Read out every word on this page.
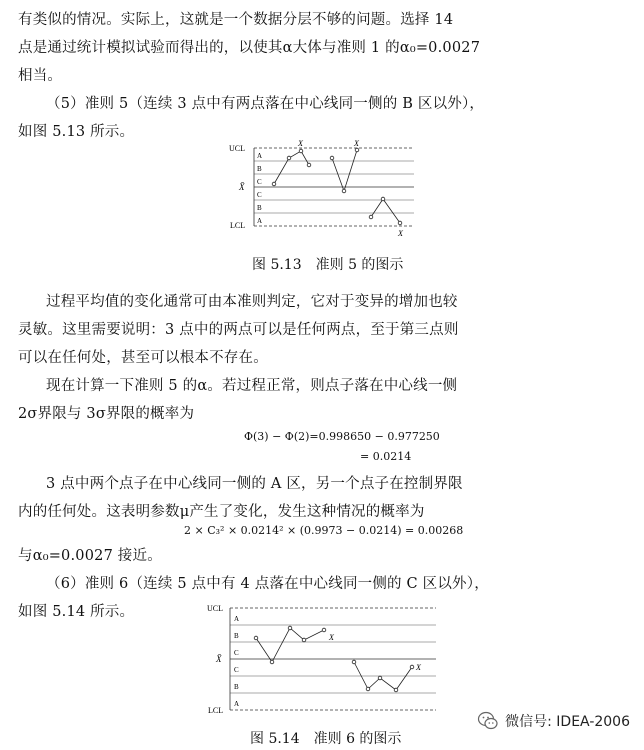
有类似的情况。实际上，这就是一个数据分层不够的问题。选择 14
点是通过统计模拟试验而得出的，以使其α大体与准则 1 的α₀=0.0027
相当。
（5）准则 5（连续 3 点中有两点落在中心线同一侧的 B 区以外），
如图 5.13 所示。
UCL
LCL
X̄
A
B
C
C
B
A
X	X
X
图 5.13　准则 5 的图示
过程平均值的变化通常可由本准则判定，它对于变异的增加也较
灵敏。这里需要说明：3 点中的两点可以是任何两点，至于第三点则
可以在任何处，甚至可以根本不存在。
现在计算一下准则 5 的α。若过程正常，则点子落在中心线一侧
2σ界限与 3σ界限的概率为
Φ(3) − Φ(2)=0.998650 − 0.977250
= 0.0214
3 点中两个点子在中心线同一侧的 A 区，另一个点子在控制界限
内的任何处。这表明参数μ产生了变化，发生这种情况的概率为
2 × C₃² × 0.0214² × (0.9973 − 0.0214) = 0.00268
与α₀=0.0027 接近。
（6）准则 6（连续 5 点中有 4 点落在中心线同一侧的 C 区以外），
如图 5.14 所示。	UCL
LCL
X̄
A
B
C
C
B
A
X
X
图 5.14　准则 6 的图示
微信号: IDEA-2006
